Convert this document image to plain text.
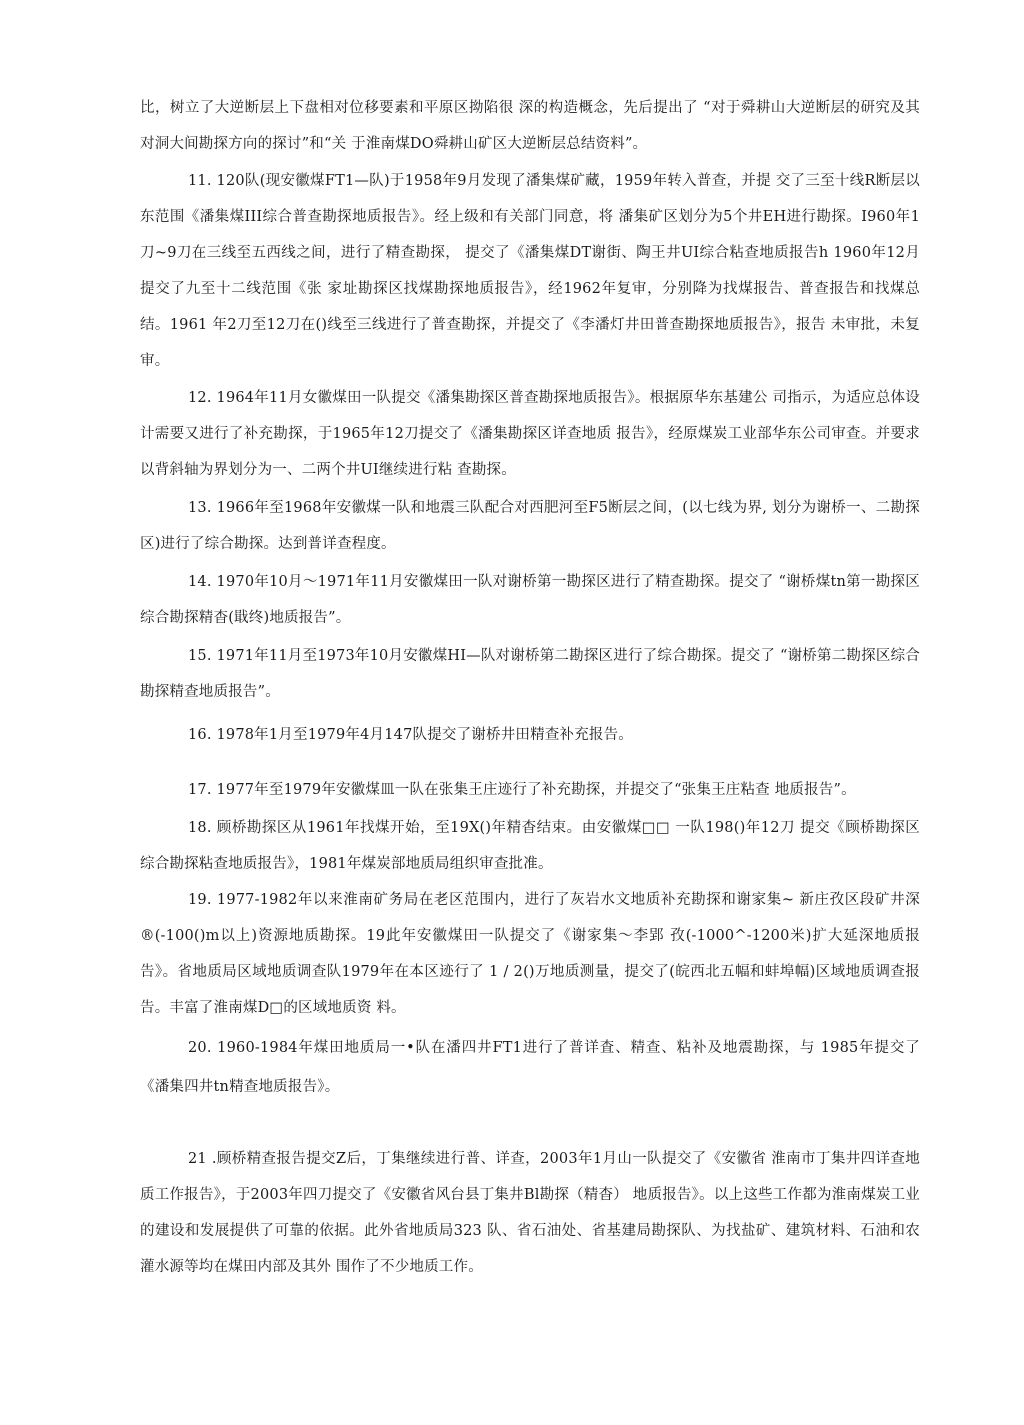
比，树立了大逆断层上下盘相对位移要素和平原区拗陷很 深的构造概念，先后提出了 “对于舜耕山大逆断层的研究及其对洞大间勘探方向的探讨”和“关 于淮南煤DO舜耕山矿区大逆断层总结资料”。

11. 120队(现安徽煤FT1—队)于1958年9月发现了潘集煤矿藏，1959年转入普查，并提 交了三至十线R断层以东范围《潘集煤III综合普查勘探地质报告》。经上级和有关部门同意，将 潘集矿区划分为5个井EH进行勘探。I960年1刀~9刀在三线至五西线之间，进行了精查勘探， 提交了《潘集煤DT谢街、陶王井UI综合粘查地质报告h 1960年12月提交了九至十二线范围《张 家址勘探区找煤勘探地质报告》，经1962年复审，分别降为找煤报告、普查报告和找煤总结。1961 年2刀至12刀在()线至三线进行了普查勘探，并提交了《李潘灯井田普查勘探地质报告》，报告 未审批，未复审。

12. 1964年11月女徽煤田一队提交《潘集勘探区普查勘探地质报告》。根据原华东基建公 司指示，为适应总体设计需要又进行了补充勘探，于1965年12刀提交了《潘集勘探区详查地质 报告》，经原煤炭工业部华东公司审查。并要求以背斜轴为界划分为一、二两个井UI继续进行粘 查勘探。

13. 1966年至1968年安徽煤一队和地震三队配合对西肥河至F5断层之间，(以七线为界, 划分为谢桥一、二勘探区)进行了综合勘探。达到普详查程度。

14. 1970年10月～1971年11月安徽煤田一队对谢桥第一勘探区进行了精查勘探。提交了 “谢桥煤tn第一勘探区综合勘探精杳(戢终)地质报告”。

15. 1971年11月至1973年10月安徽煤HI—队对谢桥第二勘探区进行了综合勘探。提交了 “谢桥第二勘探区综合勘探精查地质报告”。

16. 1978年1月至1979年4月147队提交了谢桥井田精查补充报告。

17. 1977年至1979年安徽煤皿一队在张集王庄迹行了补充勘探，并提交了“张集王庄粘查 地质报告”。

18. 顾桥勘探区从1961年找煤开始，至19X()年精杳结束。由安徽煤□□ 一队198()年12刀 提交《顾桥勘探区综合勘探粘查地质报告》，1981年煤炭部地质局组织审查批准。

19. 1977-1982年以来淮南矿务局在老区范围内，进行了灰岩水文地质补充勘探和谢家集~ 新庄孜区段矿井深®(-100()m以上)资源地质勘探。19此年安徽煤田一队提交了《谢家集～李郢 孜(-1000^-1200米)扩大延深地质报告》。省地质局区域地质调查队1979年在本区迹行了 1 / 2()万地质测量，提交了(皖西北五幅和蚌埠幅)区域地质调查报告。丰富了淮南煤D□的区域地质资 料。

20. 1960-1984年煤田地质局一•队在潘四井FT1进行了普详査、精查、粘补及地震勘探，与 1985年提交了《潘集四井tn精查地质报告》。

21 .顾桥精查报告提交Z后，丁集继续进行普、详查，2003年1月山一队提交了《安徽省 淮南市丁集井四详查地质工作报告》，于2003年四刀提交了《安徽省风台县丁集井Bl勘探（精杳） 地质报告》。以上这些工作都为淮南煤炭工业的建设和发展提供了可靠的依据。此外省地质局323 队、省石油处、省基建局勘探队、为找盐矿、建筑材料、石油和农灌水源等均在煤田内部及其外 围作了不少地质工作。
